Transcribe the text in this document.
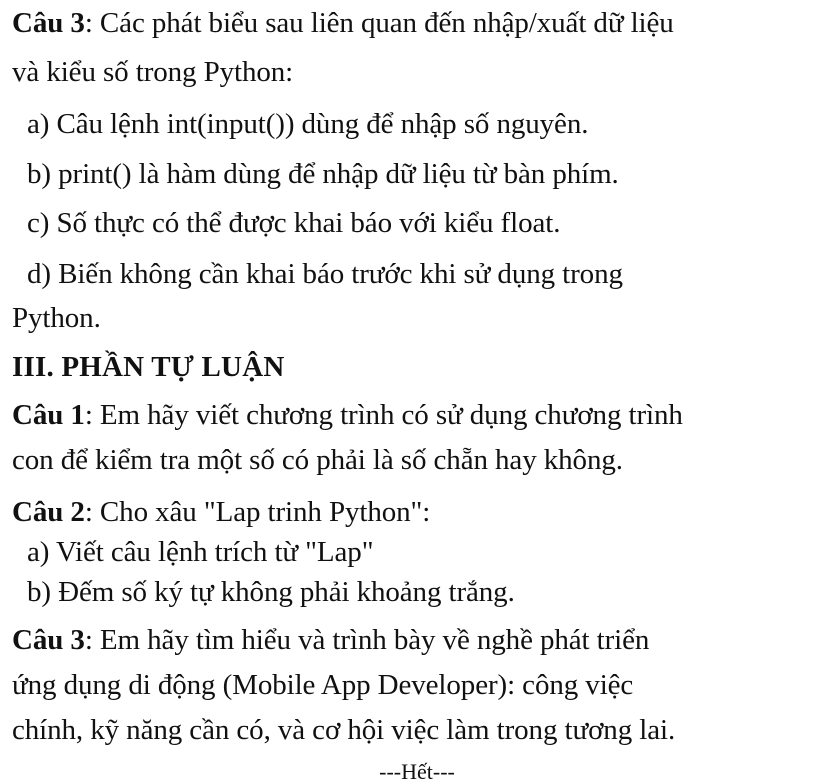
Câu 3: Các phát biểu sau liên quan đến nhập/xuất dữ liệu
và kiểu số trong Python:
a) Câu lệnh int(input()) dùng để nhập số nguyên.
b) print() là hàm dùng để nhập dữ liệu từ bàn phím.
c) Số thực có thể được khai báo với kiểu float.
d) Biến không cần khai báo trước khi sử dụng trong
Python.
III. PHẦN TỰ LUẬN
Câu 1: Em hãy viết chương trình có sử dụng chương trình
con để kiểm tra một số có phải là số chẵn hay không.
Câu 2: Cho xâu "Lap trinh Python":
a) Viết câu lệnh trích từ "Lap"
b) Đếm số ký tự không phải khoảng trắng.
Câu 3: Em hãy tìm hiểu và trình bày về nghề phát triển
ứng dụng di động (Mobile App Developer): công việc
chính, kỹ năng cần có, và cơ hội việc làm trong tương lai.
---Hết---
